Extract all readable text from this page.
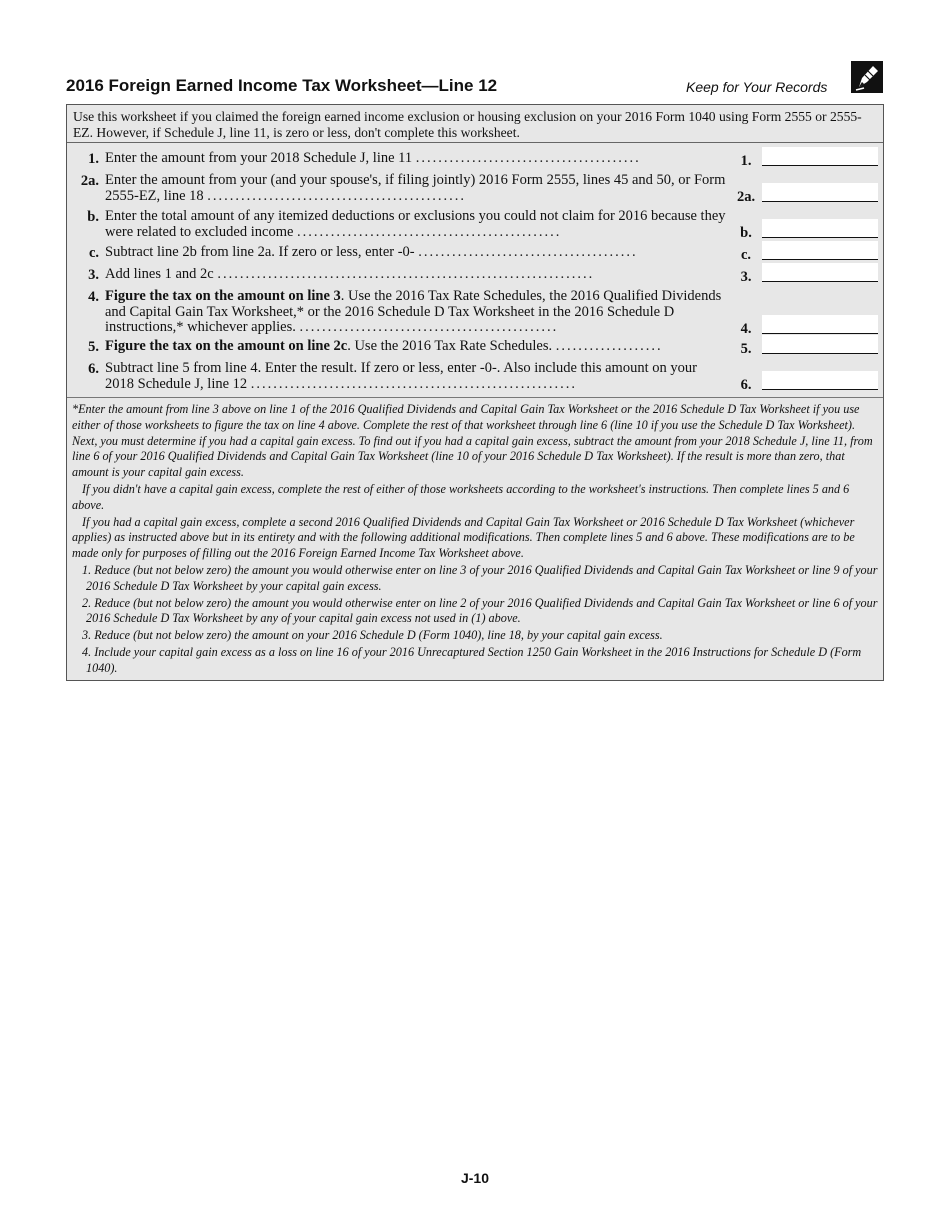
2016 Foreign Earned Income Tax Worksheet—Line 12	Keep for Your Records
Use this worksheet if you claimed the foreign earned income exclusion or housing exclusion on your 2016 Form 1040 using Form 2555 or 2555-EZ. However, if Schedule J, line 11, is zero or less, don't complete this worksheet.
1. Enter the amount from your 2018 Schedule J, line 11 ........................................	1.
2a. Enter the amount from your (and your spouse's, if filing jointly) 2016 Form 2555, lines 45 and 50, or Form 2555-EZ, line 18 ..............................................	2a.
b. Enter the total amount of any itemized deductions or exclusions you could not claim for 2016 because they were related to excluded income ...............................................	b.
c. Subtract line 2b from line 2a. If zero or less, enter -0- .......................................	c.
3. Add lines 1 and 2c ...................................................................	3.
4. Figure the tax on the amount on line 3. Use the 2016 Tax Rate Schedules, the 2016 Qualified Dividends and Capital Gain Tax Worksheet,* or the 2016 Schedule D Tax Worksheet in the 2016 Schedule D instructions,* whichever applies. ..............................................	4.
5. Figure the tax on the amount on line 2c. Use the 2016 Tax Rate Schedules. ...................	5.
6. Subtract line 5 from line 4. Enter the result. If zero or less, enter -0-. Also include this amount on your 2018 Schedule J, line 12 ..........................................................	6.

*Enter the amount from line 3 above on line 1 of the 2016 Qualified Dividends and Capital Gain Tax Worksheet or the 2016 Schedule D Tax Worksheet if you use either of those worksheets to figure the tax on line 4 above. Complete the rest of that worksheet through line 6 (line 10 if you use the Schedule D Tax Worksheet). Next, you must determine if you had a capital gain excess. To find out if you had a capital gain excess, subtract the amount from your 2018 Schedule J, line 11, from line 6 of your 2016 Qualified Dividends and Capital Gain Tax Worksheet (line 10 of your 2016 Schedule D Tax Worksheet). If the result is more than zero, that amount is your capital gain excess.

If you didn't have a capital gain excess, complete the rest of either of those worksheets according to the worksheet's instructions. Then complete lines 5 and 6 above.

If you had a capital gain excess, complete a second 2016 Qualified Dividends and Capital Gain Tax Worksheet or 2016 Schedule D Tax Worksheet (whichever applies) as instructed above but in its entirety and with the following additional modifications. Then complete lines 5 and 6 above. These modifications are to be made only for purposes of filling out the 2016 Foreign Earned Income Tax Worksheet above.

1. Reduce (but not below zero) the amount you would otherwise enter on line 3 of your 2016 Qualified Dividends and Capital Gain Tax Worksheet or line 9 of your 2016 Schedule D Tax Worksheet by your capital gain excess.

2. Reduce (but not below zero) the amount you would otherwise enter on line 2 of your 2016 Qualified Dividends and Capital Gain Tax Worksheet or line 6 of your 2016 Schedule D Tax Worksheet by any of your capital gain excess not used in (1) above.

3. Reduce (but not below zero) the amount on your 2016 Schedule D (Form 1040), line 18, by your capital gain excess.

4. Include your capital gain excess as a loss on line 16 of your 2016 Unrecaptured Section 1250 Gain Worksheet in the 2016 Instructions for Schedule D (Form 1040).

J-10
